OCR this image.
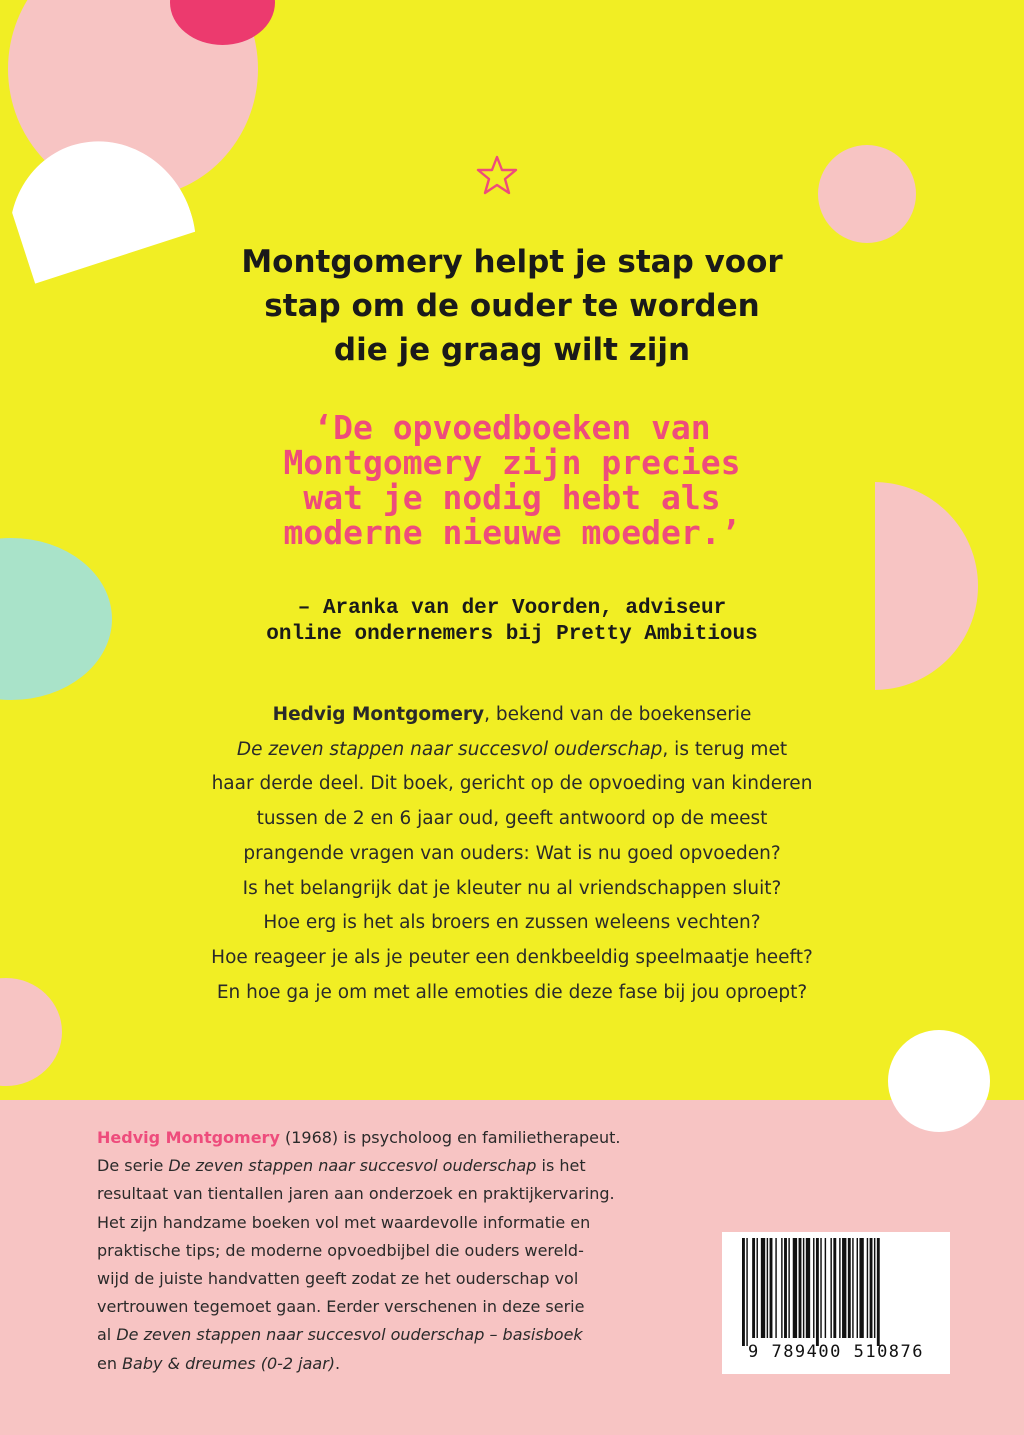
Montgomery helpt je stap voor
stap om de ouder te worden
die je graag wilt zijn

‘De opvoedboeken van
Montgomery zijn precies
wat je nodig hebt als
moderne nieuwe moeder.’

– Aranka van der Voorden, adviseur
online ondernemers bij Pretty Ambitious

Hedvig Montgomery, bekend van de boekenserie
De zeven stappen naar succesvol ouderschap, is terug met
haar derde deel. Dit boek, gericht op de opvoeding van kinderen
tussen de 2 en 6 jaar oud, geeft antwoord op de meest
prangende vragen van ouders: Wat is nu goed opvoeden?
Is het belangrijk dat je kleuter nu al vriendschappen sluit?
Hoe erg is het als broers en zussen weleens vechten?
Hoe reageer je als je peuter een denkbeeldig speelmaatje heeft?
En hoe ga je om met alle emoties die deze fase bij jou oproept?

Hedvig Montgomery (1968) is psycholoog en familietherapeut.
De serie De zeven stappen naar succesvol ouderschap is het
resultaat van tientallen jaren aan onderzoek en praktijkervaring.
Het zijn handzame boeken vol met waardevolle informatie en
praktische tips; de moderne opvoedbijbel die ouders wereld-
wijd de juiste handvatten geeft zodat ze het ouderschap vol
vertrouwen tegemoet gaan. Eerder verschenen in deze serie
al De zeven stappen naar succesvol ouderschap – basisboek
en Baby & dreumes (0-2 jaar).

9 789400 510876
